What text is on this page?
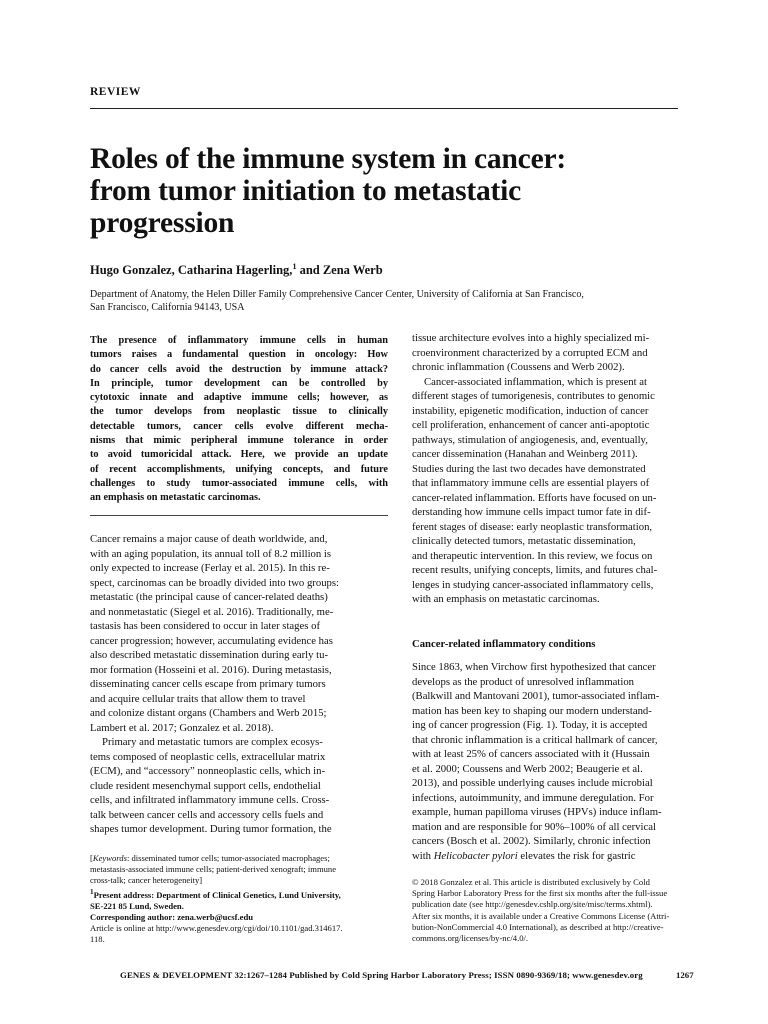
REVIEW
Roles of the immune system in cancer:
from tumor initiation to metastatic
progression
Hugo Gonzalez, Catharina Hagerling,$^1$ and Zena Werb
Department of Anatomy, the Helen Diller Family Comprehensive Cancer Center, University of California at San Francisco,
San Francisco, California 94143, USA
The presence of inflammatory immune cells in human
tumors raises a fundamental question in oncology: How
do cancer cells avoid the destruction by immune attack?
In principle, tumor development can be controlled by
cytotoxic innate and adaptive immune cells; however, as
the tumor develops from neoplastic tissue to clinically
detectable tumors, cancer cells evolve different mecha-
nisms that mimic peripheral immune tolerance in order
to avoid tumoricidal attack. Here, we provide an update
of recent accomplishments, unifying concepts, and future
challenges to study tumor-associated immune cells, with
an emphasis on metastatic carcinomas.
Cancer remains a major cause of death worldwide, and,
with an aging population, its annual toll of 8.2 million is
only expected to increase (Ferlay et al. 2015). In this re-
spect, carcinomas can be broadly divided into two groups:
metastatic (the principal cause of cancer-related deaths)
and nonmetastatic (Siegel et al. 2016). Traditionally, me-
tastasis has been considered to occur in later stages of
cancer progression; however, accumulating evidence has
also described metastatic dissemination during early tu-
mor formation (Hosseini et al. 2016). During metastasis,
disseminating cancer cells escape from primary tumors
and acquire cellular traits that allow them to travel
and colonize distant organs (Chambers and Werb 2015;
Lambert et al. 2017; Gonzalez et al. 2018).
Primary and metastatic tumors are complex ecosys-
tems composed of neoplastic cells, extracellular matrix
(ECM), and “accessory” nonneoplastic cells, which in-
clude resident mesenchymal support cells, endothelial
cells, and infiltrated inflammatory immune cells. Cross-
talk between cancer cells and accessory cells fuels and
shapes tumor development. During tumor formation, the
tissue architecture evolves into a highly specialized mi-
croenvironment characterized by a corrupted ECM and
chronic inflammation (Coussens and Werb 2002).
Cancer-associated inflammation, which is present at
different stages of tumorigenesis, contributes to genomic
instability, epigenetic modification, induction of cancer
cell proliferation, enhancement of cancer anti-apoptotic
pathways, stimulation of angiogenesis, and, eventually,
cancer dissemination (Hanahan and Weinberg 2011).
Studies during the last two decades have demonstrated
that inflammatory immune cells are essential players of
cancer-related inflammation. Efforts have focused on un-
derstanding how immune cells impact tumor fate in dif-
ferent stages of disease: early neoplastic transformation,
clinically detected tumors, metastatic dissemination,
and therapeutic intervention. In this review, we focus on
recent results, unifying concepts, limits, and futures chal-
lenges in studying cancer-associated inflammatory cells,
with an emphasis on metastatic carcinomas.
Cancer-related inflammatory conditions
Since 1863, when Virchow first hypothesized that cancer
develops as the product of unresolved inflammation
(Balkwill and Mantovani 2001), tumor-associated inflam-
mation has been key to shaping our modern understand-
ing of cancer progression (Fig. 1). Today, it is accepted
that chronic inflammation is a critical hallmark of cancer,
with at least 25% of cancers associated with it (Hussain
et al. 2000; Coussens and Werb 2002; Beaugerie et al.
2013), and possible underlying causes include microbial
infections, autoimmunity, and immune deregulation. For
example, human papilloma viruses (HPVs) induce inflam-
mation and are responsible for 90%–100% of all cervical
cancers (Bosch et al. 2002). Similarly, chronic infection
with Helicobacter pylori elevates the risk for gastric
[Keywords: disseminated tumor cells; tumor-associated macrophages;
metastasis-associated immune cells; patient-derived xenograft; immune
cross-talk; cancer heterogeneity]
$^1$Present address: Department of Clinical Genetics, Lund University,
SE-221 85 Lund, Sweden.
Corresponding author: zena.werb@ucsf.edu
Article is online at http://www.genesdev.org/cgi/doi/10.1101/gad.314617.
118.
© 2018 Gonzalez et al. This article is distributed exclusively by Cold
Spring Harbor Laboratory Press for the first six months after the full-issue
publication date (see http://genesdev.cshlp.org/site/misc/terms.xhtml).
After six months, it is available under a Creative Commons License (Attri-
bution-NonCommercial 4.0 International), as described at http://creative-
commons.org/licenses/by-nc/4.0/.
GENES & DEVELOPMENT 32:1267–1284 Published by Cold Spring Harbor Laboratory Press; ISSN 0890-9369/18; www.genesdev.org	1267
